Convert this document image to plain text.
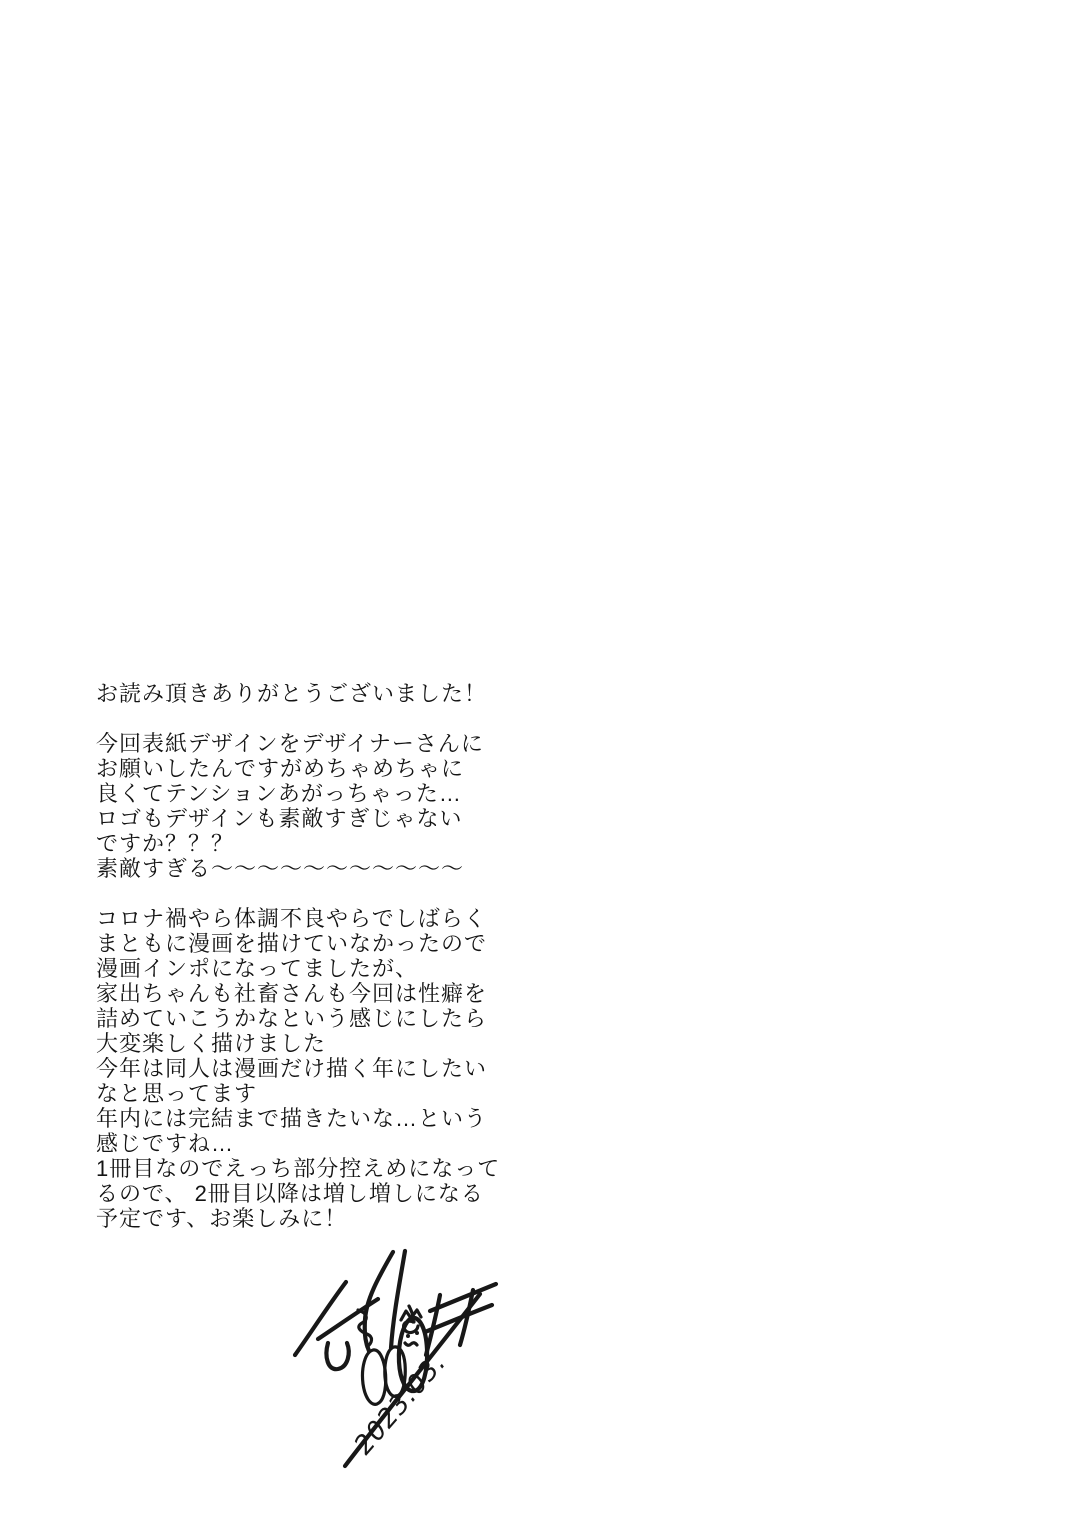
お読み頂きありがとうございました！
今回表紙デザインをデザイナーさんに
お願いしたんですがめちゃめちゃに
良くてテンションあがっちゃった…
ロゴもデザインも素敵すぎじゃない
ですか？？？
素敵すぎる～～～～～～～～～～～
コロナ禍やら体調不良やらでしばらく
まともに漫画を描けていなかったので
漫画インポになってましたが、
家出ちゃんも社畜さんも今回は性癖を
詰めていこうかなという感じにしたら
大変楽しく描けました
今年は同人は漫画だけ描く年にしたい
なと思ってます
年内には完結まで描きたいな…という
感じですね…
1冊目なのでえっち部分控えめになって
るので、 2冊目以降は増し増しになる
予定です、お楽しみに！
2023.03.
